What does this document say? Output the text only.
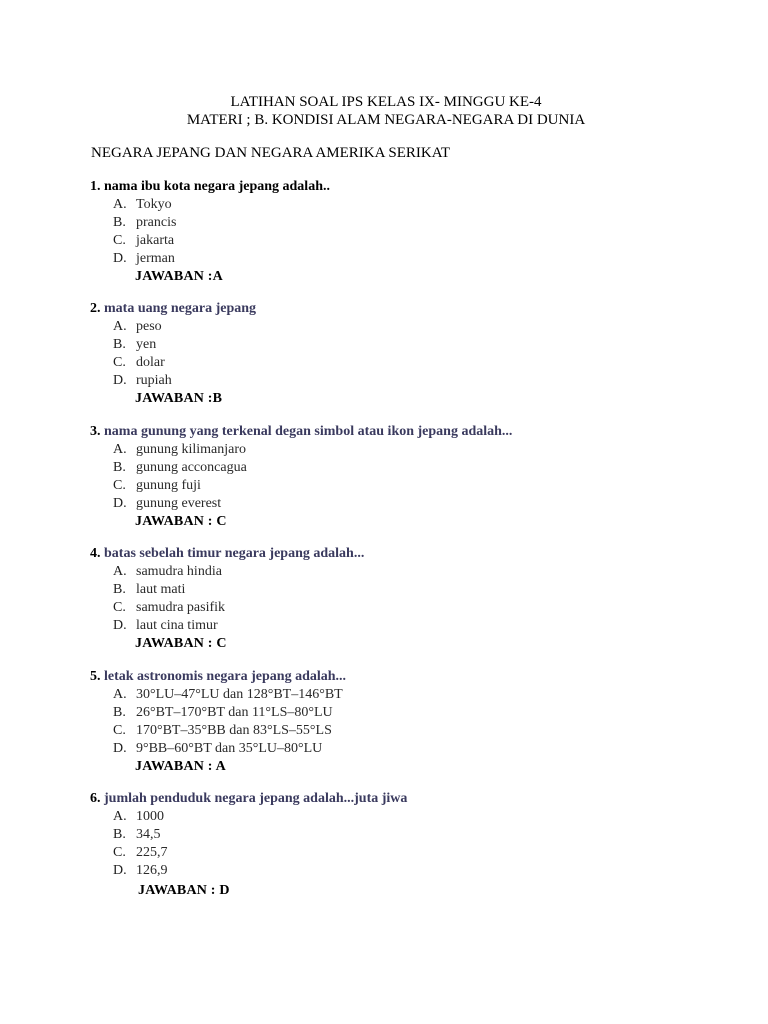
LATIHAN SOAL IPS KELAS IX- MINGGU KE-4
MATERI ; B. KONDISI ALAM NEGARA-NEGARA DI DUNIA
NEGARA JEPANG DAN NEGARA AMERIKA SERIKAT
1. nama ibu kota negara jepang adalah..
A. Tokyo
B. prancis
C. jakarta
D. jerman
JAWABAN :A
2. mata uang negara jepang
A. peso
B. yen
C. dolar
D. rupiah
JAWABAN :B
3. nama gunung yang terkenal degan simbol atau ikon jepang adalah...
A. gunung kilimanjaro
B. gunung acconcagua
C. gunung fuji
D. gunung everest
JAWABAN : C
4. batas sebelah timur negara jepang adalah...
A. samudra hindia
B. laut mati
C. samudra pasifik
D. laut cina timur
JAWABAN : C
5. letak astronomis negara jepang adalah...
A. 30°LU–47°LU dan 128°BT–146°BT
B. 26°BT–170°BT dan 11°LS–80°LU
C. 170°BT–35°BB dan 83°LS–55°LS
D. 9°BB–60°BT dan 35°LU–80°LU
JAWABAN : A
6. jumlah penduduk negara jepang adalah...juta jiwa
A. 1000
B. 34,5
C. 225,7
D. 126,9
JAWABAN : D
